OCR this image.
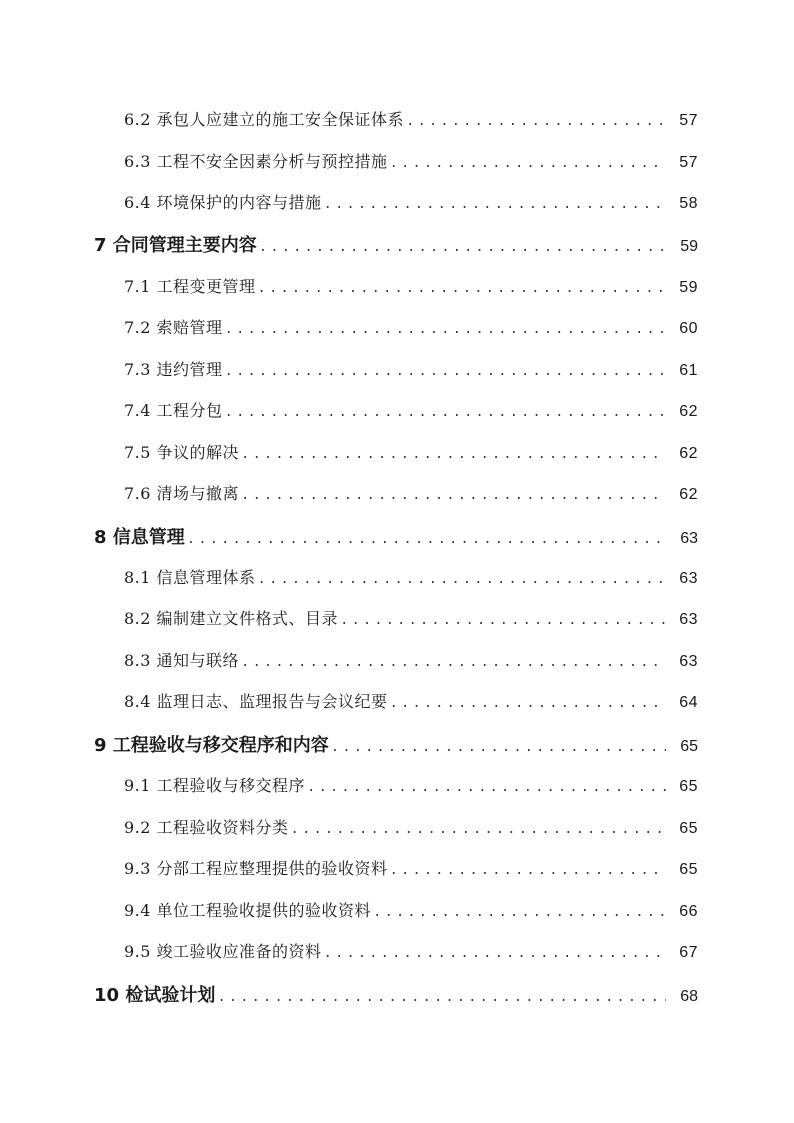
6.2 承包人应建立的施工安全保证体系 .....	57
6.3 工程不安全因素分析与预控措施 .....	57
6.4 环境保护的内容与措施 .....	58
7 合同管理主要内容 .....	59
7.1 工程变更管理 .....	59
7.2 索赔管理 .....	60
7.3 违约管理 .....	61
7.4 工程分包 .....	62
7.5 争议的解决 .....	62
7.6 清场与撤离 .....	62
8 信息管理 .....	63
8.1 信息管理体系 .....	63
8.2 编制建立文件格式、目录 .....	63
8.3 通知与联络 .....	63
8.4 监理日志、监理报告与会议纪要 .....	64
9 工程验收与移交程序和内容 .....	65
9.1 工程验收与移交程序 .....	65
9.2 工程验收资料分类 .....	65
9.3 分部工程应整理提供的验收资料 .....	65
9.4 单位工程验收提供的验收资料 .....	66
9.5 竣工验收应准备的资料 .....	67
10 检试验计划 .....	68
